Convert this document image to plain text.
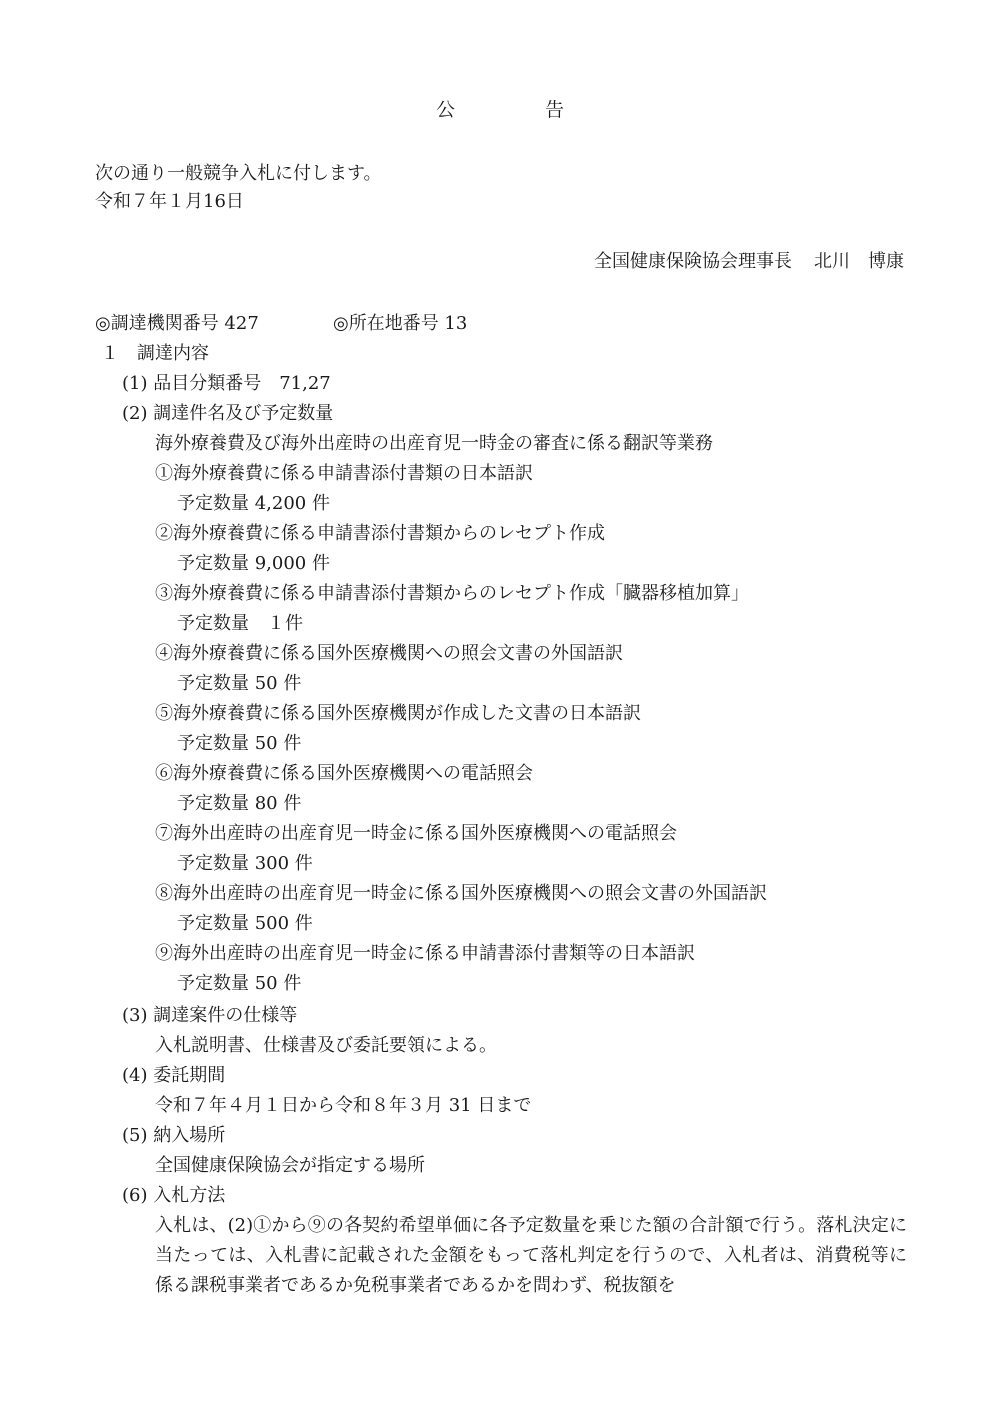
公	告
次の通り一般競争入札に付します。
令和７年１月16日
全国健康保険協会理事長 北川　博康
◎調達機関番号 427	◎所在地番号 13
１　調達内容
(1) 品目分類番号　71,27
(2) 調達件名及び予定数量
海外療養費及び海外出産時の出産育児一時金の審査に係る翻訳等業務
①海外療養費に係る申請書添付書類の日本語訳
予定数量 4,200 件
②海外療養費に係る申請書添付書類からのレセプト作成
予定数量 9,000 件
③海外療養費に係る申請書添付書類からのレセプト作成「臓器移植加算」
予定数量　１件
④海外療養費に係る国外医療機関への照会文書の外国語訳
予定数量 50 件
⑤海外療養費に係る国外医療機関が作成した文書の日本語訳
予定数量 50 件
⑥海外療養費に係る国外医療機関への電話照会
予定数量 80 件
⑦海外出産時の出産育児一時金に係る国外医療機関への電話照会
予定数量 300 件
⑧海外出産時の出産育児一時金に係る国外医療機関への照会文書の外国語訳
予定数量 500 件
⑨海外出産時の出産育児一時金に係る申請書添付書類等の日本語訳
予定数量 50 件
(3) 調達案件の仕様等
入札説明書、仕様書及び委託要領による。
(4) 委託期間
令和７年４月１日から令和８年３月 31 日まで
(5) 納入場所
全国健康保険協会が指定する場所
(6) 入札方法
入札は、(2)①から⑨の各契約希望単価に各予定数量を乗じた額の合計額で行う。落札決定に当たっては、入札書に記載された金額をもって落札判定を行うので、入札者は、消費税等に係る課税事業者であるか免税事業者であるかを問わず、税抜額を
